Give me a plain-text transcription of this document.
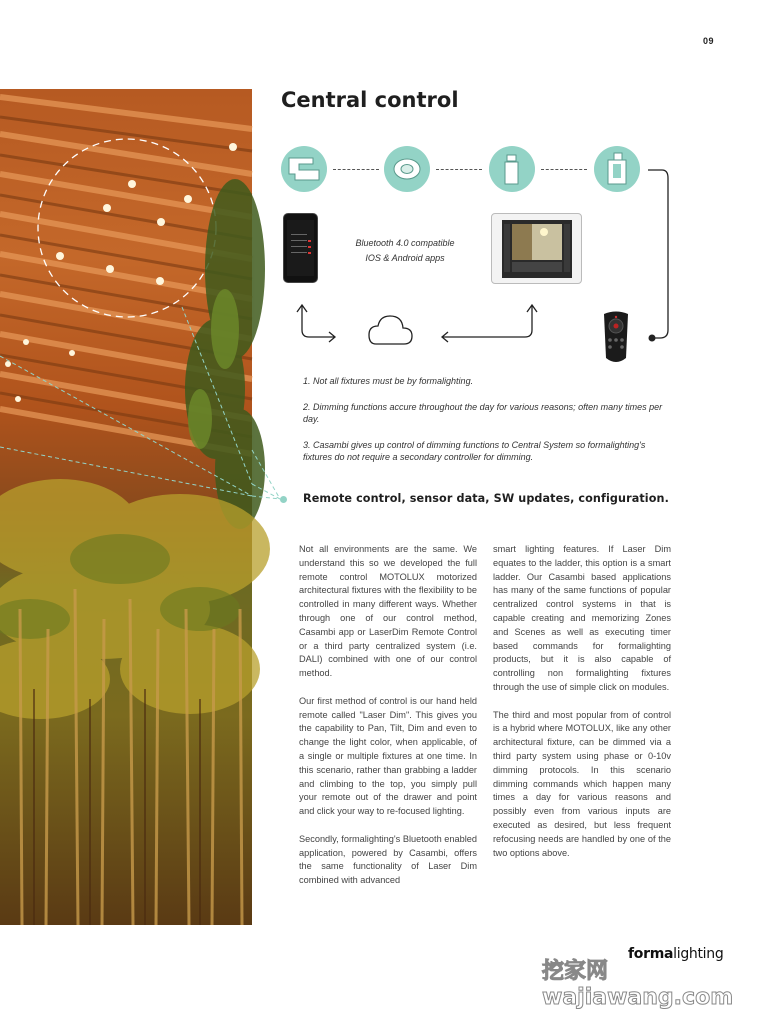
09
Central control
Bluetooth 4.0 compatible
IOS & Android apps

1. Not all fixtures must be by formalighting.

2. Dimming functions accure throughout the day for various reasons; often many times per day.

3. Casambi gives up control of dimming functions to Central System so formalighting's fixtures do not require a secondary controller for dimming.

Remote control, sensor data, SW updates, configuration.

Not all environments are the same. We understand this so we developed the full remote control MOTOLUX motorized architectural fixtures with the flexibility to be controlled in many different ways. Whether through one of our control method, Casambi app or LaserDim Remote Control or a third party centralized system (i.e. DALI) combined with one of our control method.

Our first method of control is our hand held remote called "Laser Dim". This gives you the capability to Pan, Tilt, Dim and even to change the light color, when applicable, of a single or multiple fixtures at one time. In this scenario, rather than grabbing a ladder and climbing to the top, you simply pull your remote out of the drawer and point and click your way to re-focused lighting.

Secondly, formalighting's Bluetooth enabled application, powered by Casambi, offers the same functionality of Laser Dim combined with advanced

smart lighting features. If Laser Dim equates to the ladder, this option is a smart ladder. Our Casambi based applications has many of the same functions of popular centralized control systems in that is capable creating and memorizing Zones and Scenes as well as executing timer based commands for formalighting products, but it is also capable of controlling non formalighting fixtures through the use of simple click on modules.

The third and most popular from of control is a hybrid where MOTOLUX, like any other architectural fixture, can be dimmed via a third party system using phase or 0-10v dimming protocols. In this scenario dimming commands which happen many times a day for various reasons and possibly even from various inputs are executed as desired, but less frequent refocusing needs are handled by one of the two options above.

formalighting
挖家网 wajiawang.com
